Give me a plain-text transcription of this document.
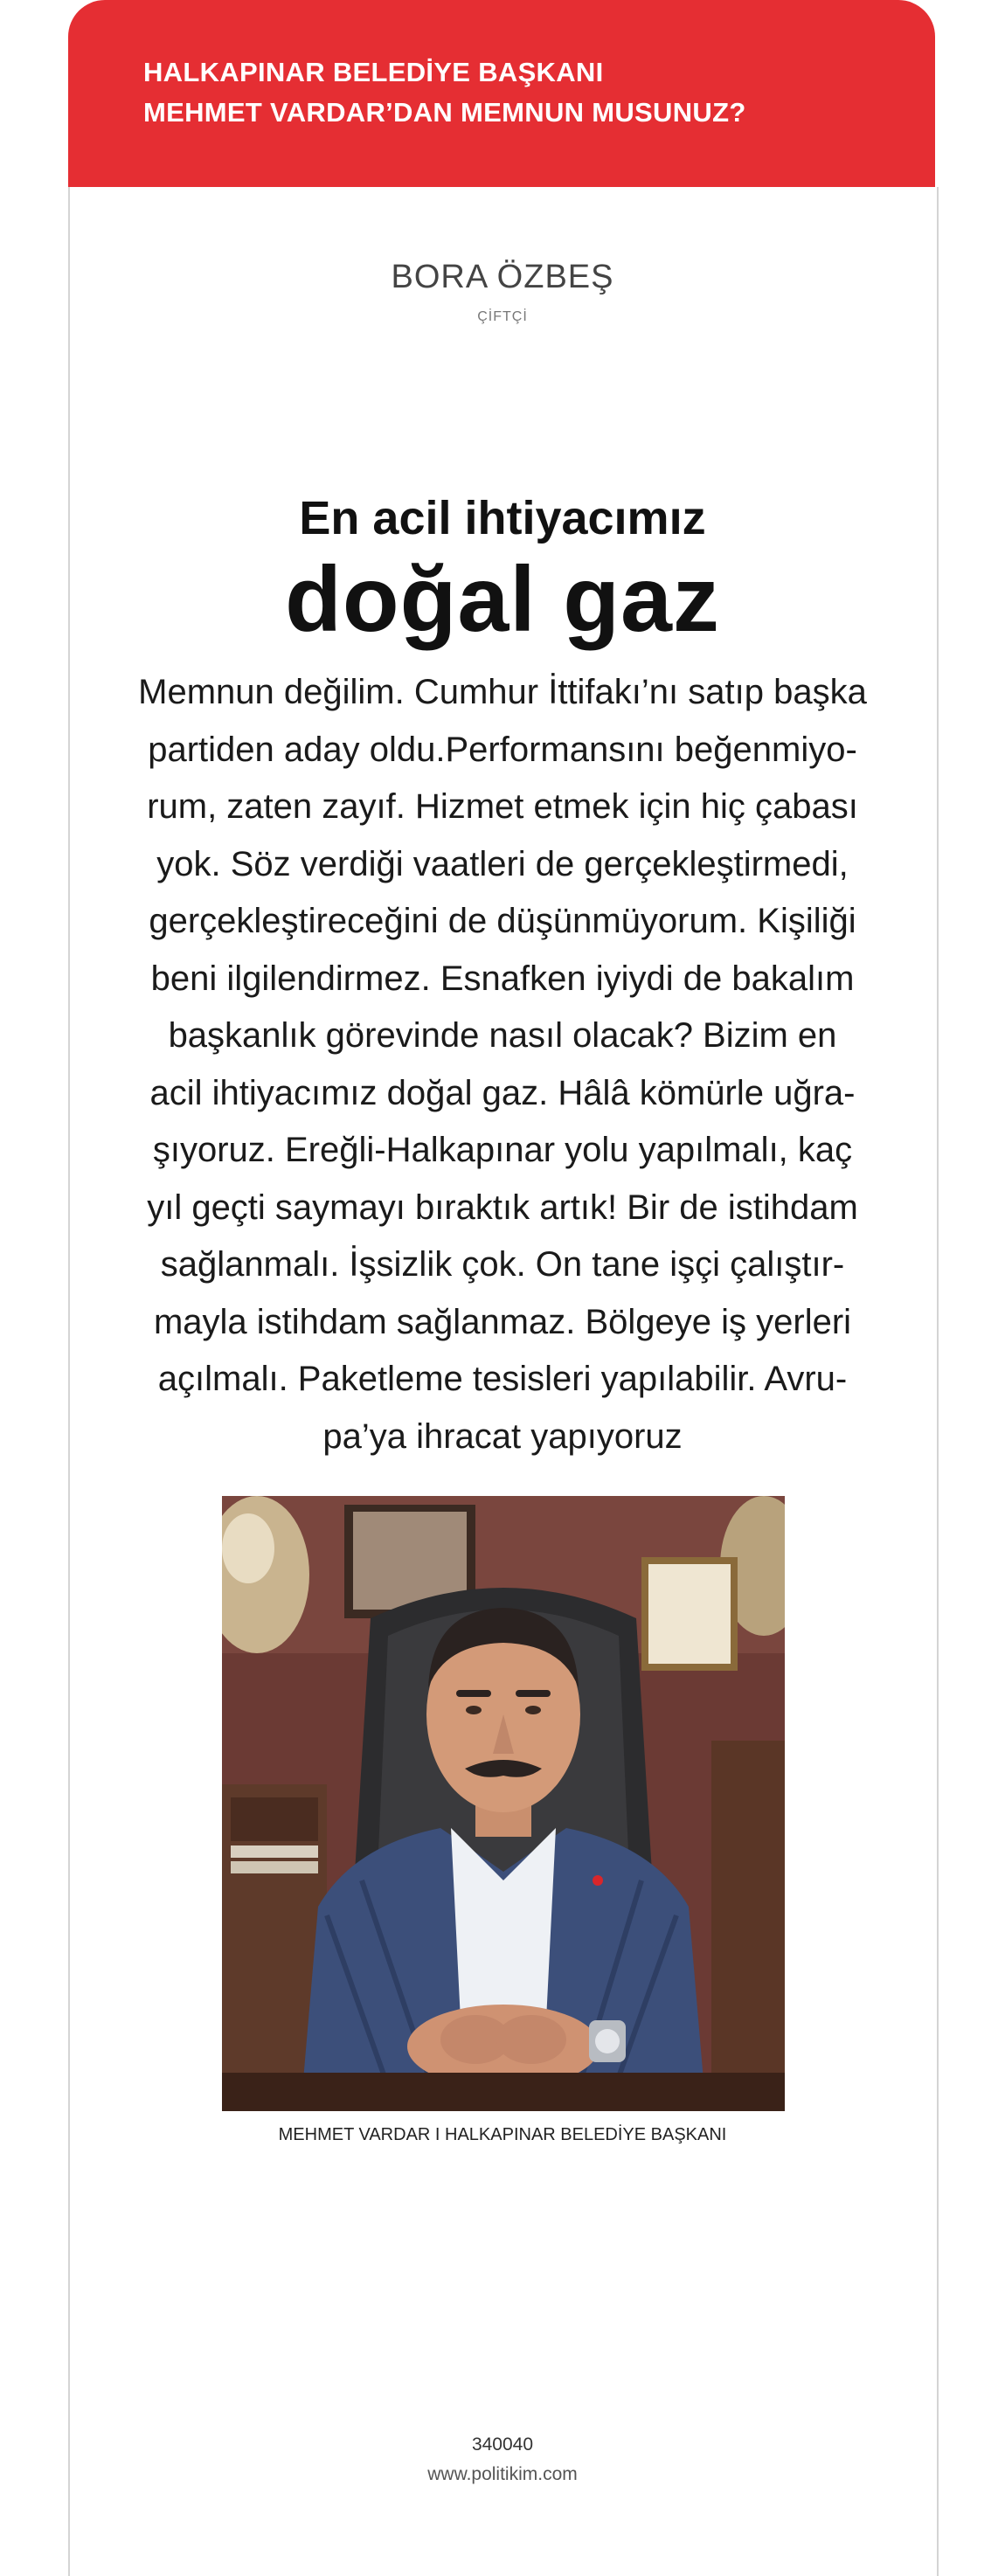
HALKAPINAR BELEDİYE BAŞKANI
MEHMET VARDAR’DAN MEMNUN MUSUNUZ?
BORA ÖZBEŞ
ÇİFTÇİ
En acil ihtiyacımız
doğal gaz
Memnun değilim. Cumhur İttifakı’nı satıp başka
partiden aday oldu.Performansını beğenmiyo-
rum, zaten zayıf. Hizmet etmek için hiç çabası
yok. Söz verdiği vaatleri de gerçekleştirmedi,
gerçekleştireceğini de düşünmüyorum. Kişiliği
beni ilgilendirmez. Esnafken iyiydi de bakalım
başkanlık görevinde nasıl olacak? Bizim en
acil ihtiyacımız doğal gaz. Hâlâ kömürle uğra-
şıyoruz. Ereğli-Halkapınar yolu yapılmalı, kaç
yıl geçti saymayı bıraktık artık! Bir de istihdam
sağlanmalı. İşsizlik çok. On tane işçi çalıştır-
mayla istihdam sağlanmaz. Bölgeye iş yerleri
açılmalı. Paketleme tesisleri yapılabilir. Avru-
pa’ya ihracat yapıyoruz
MEHMET VARDAR I HALKAPINAR BELEDİYE BAŞKANI
340040
www.politikim.com
